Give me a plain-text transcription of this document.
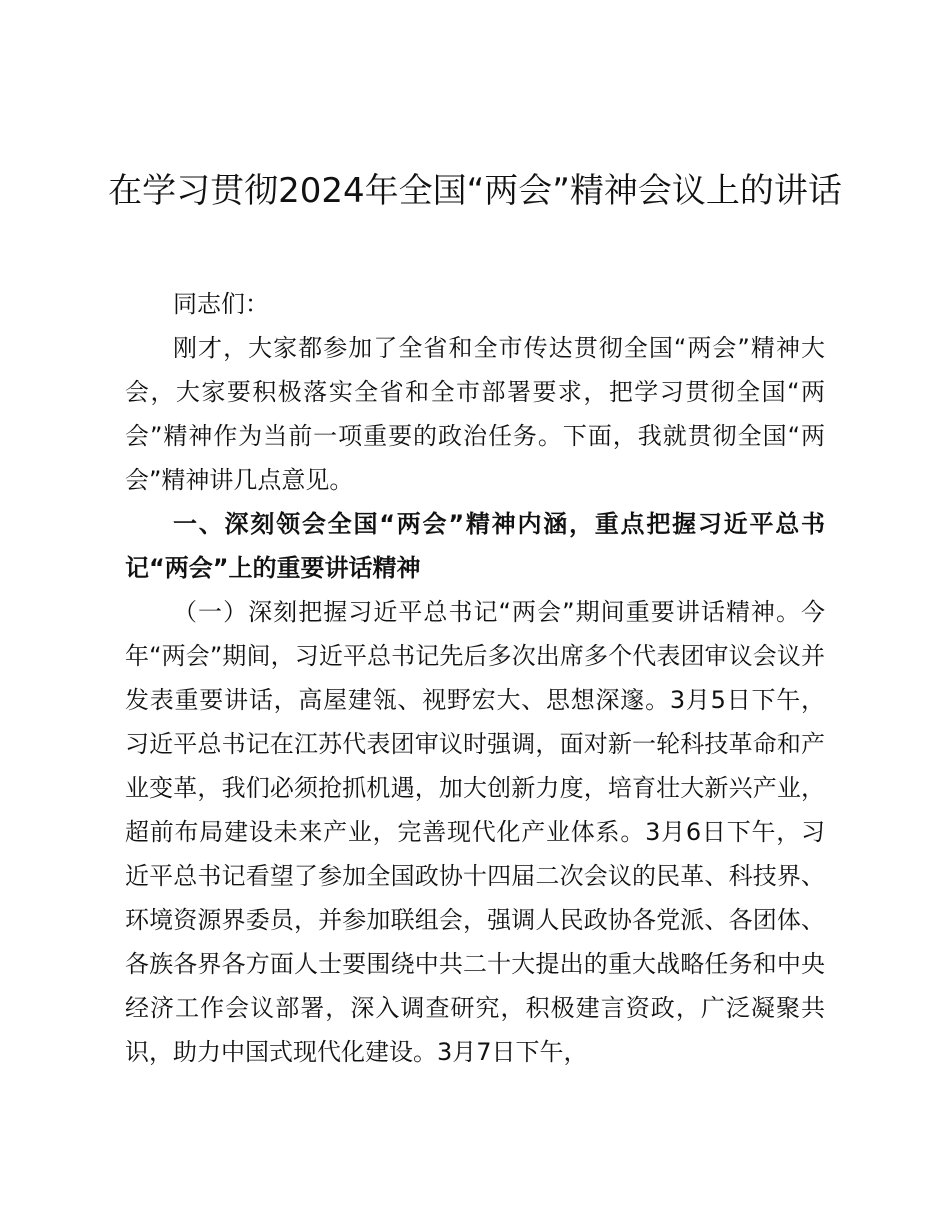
在学习贯彻2024年全国“两会”精神会议上的讲话

同志们：

刚才，大家都参加了全省和全市传达贯彻全国“两会”精神大会，大家要积极落实全省和全市部署要求，把学习贯彻全国“两会”精神作为当前一项重要的政治任务。下面，我就贯彻全国“两会”精神讲几点意见。

一、深刻领会全国“两会”精神内涵，重点把握习近平总书记“两会”上的重要讲话精神

（一）深刻把握习近平总书记“两会”期间重要讲话精神。今年“两会”期间，习近平总书记先后多次出席多个代表团审议会议并发表重要讲话，高屋建瓴、视野宏大、思想深邃。3月5日下午，习近平总书记在江苏代表团审议时强调，面对新一轮科技革命和产业变革，我们必须抢抓机遇，加大创新力度，培育壮大新兴产业，超前布局建设未来产业，完善现代化产业体系。3月6日下午，习近平总书记看望了参加全国政协十四届二次会议的民革、科技界、环境资源界委员，并参加联组会，强调人民政协各党派、各团体、各族各界各方面人士要围绕中共二十大提出的重大战略任务和中央经济工作会议部署，深入调查研究，积极建言资政，广泛凝聚共识，助力中国式现代化建设。3月7日下午，
